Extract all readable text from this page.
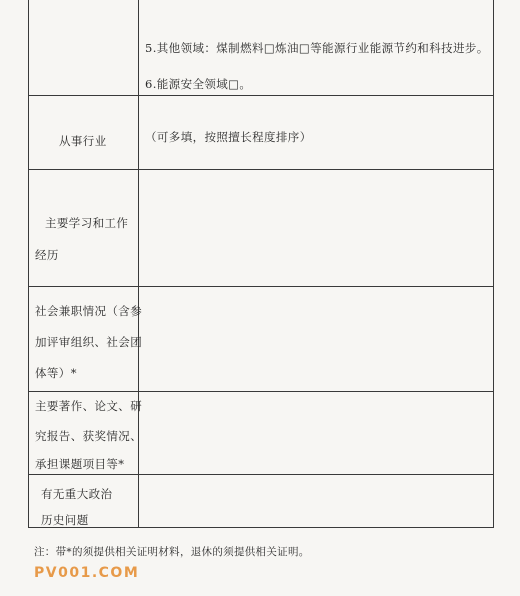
5.其他领域：煤制燃料□炼油□等能源行业能源节约和科技进步。
6.能源安全领域□。
从事行业	（可多填，按照擅长程度排序）
主要学习和工作
经历
社会兼职情况（含参
加评审组织、社会团
体等）*
主要著作、论文、研
究报告、获奖情况、
承担课题项目等*
有无重大政治
历史问题
注：带*的须提供相关证明材料，退休的须提供相关证明。
PV001.COM
